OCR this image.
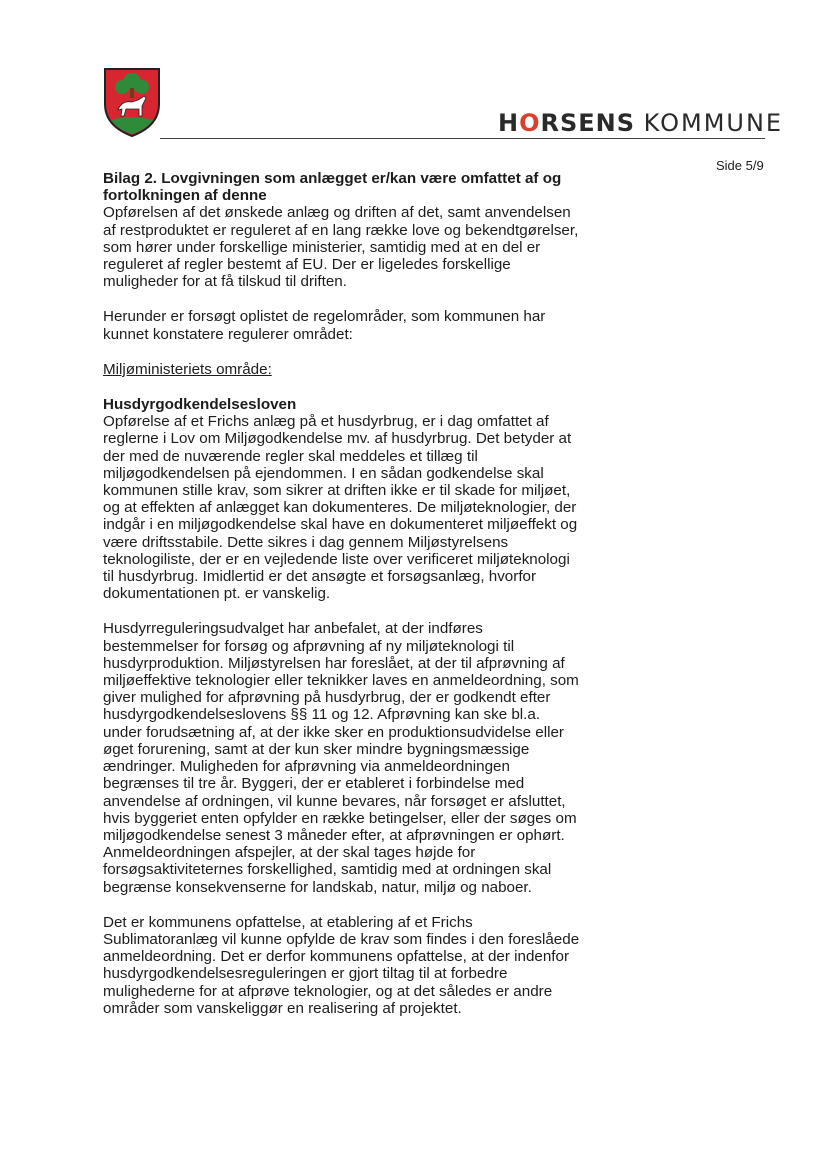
HORSENS KOMMUNE
Side 5/9

Bilag 2. Lovgivningen som anlægget er/kan være omfattet af og fortolkningen af denne

Opførelsen af det ønskede anlæg og driften af det, samt anvendelsen af restproduktet er reguleret af en lang række love og bekendtgørelser, som hører under forskellige ministerier, samtidig med at en del er reguleret af regler bestemt af EU. Der er ligeledes forskellige muligheder for at få tilskud til driften.

Herunder er forsøgt oplistet de regelområder, som kommunen har kunnet konstatere regulerer området:

Miljøministeriets område:

Husdyrgodkendelsesloven

Opførelse af et Frichs anlæg på et husdyrbrug, er i dag omfattet af reglerne i Lov om Miljøgodkendelse mv. af husdyrbrug. Det betyder at der med de nuværende regler skal meddeles et tillæg til miljøgodkendelsen på ejendommen. I en sådan godkendelse skal kommunen stille krav, som sikrer at driften ikke er til skade for miljøet, og at effekten af anlægget kan dokumenteres. De miljøteknologier, der indgår i en miljøgodkendelse skal have en dokumenteret miljøeffekt og være driftsstabile. Dette sikres i dag gennem Miljøstyrelsens teknologiliste, der er en vejledende liste over verificeret miljøteknologi til husdyrbrug. Imidlertid er det ansøgte et forsøgsanlæg, hvorfor dokumentationen pt. er vanskelig.

Husdyrreguleringsudvalget har anbefalet, at der indføres bestemmelser for forsøg og afprøvning af ny miljøteknologi til husdyrproduktion. Miljøstyrelsen har foreslået, at der til afprøvning af miljøeffektive teknologier eller teknikker laves en anmeldeordning, som giver mulighed for afprøvning på husdyrbrug, der er godkendt efter husdyrgodkendelseslovens §§ 11 og 12. Afprøvning kan ske bl.a. under forudsætning af, at der ikke sker en produktionsudvidelse eller øget forurening, samt at der kun sker mindre bygningsmæssige ændringer. Muligheden for afprøvning via anmeldeordningen begrænses til tre år. Byggeri, der er etableret i forbindelse med anvendelse af ordningen, vil kunne bevares, når forsøget er afsluttet, hvis byggeriet enten opfylder en række betingelser, eller der søges om miljøgodkendelse senest 3 måneder efter, at afprøvningen er ophørt. Anmeldeordningen afspejler, at der skal tages højde for forsøgsaktiviteternes forskellighed, samtidig med at ordningen skal begrænse konsekvenserne for landskab, natur, miljø og naboer.

Det er kommunens opfattelse, at etablering af et Frichs Sublimatoranlæg vil kunne opfylde de krav som findes i den foreslåede anmeldeordning. Det er derfor kommunens opfattelse, at der indenfor husdyrgodkendelsesreguleringen er gjort tiltag til at forbedre mulighederne for at afprøve teknologier, og at det således er andre områder som vanskeliggør en realisering af projektet.
